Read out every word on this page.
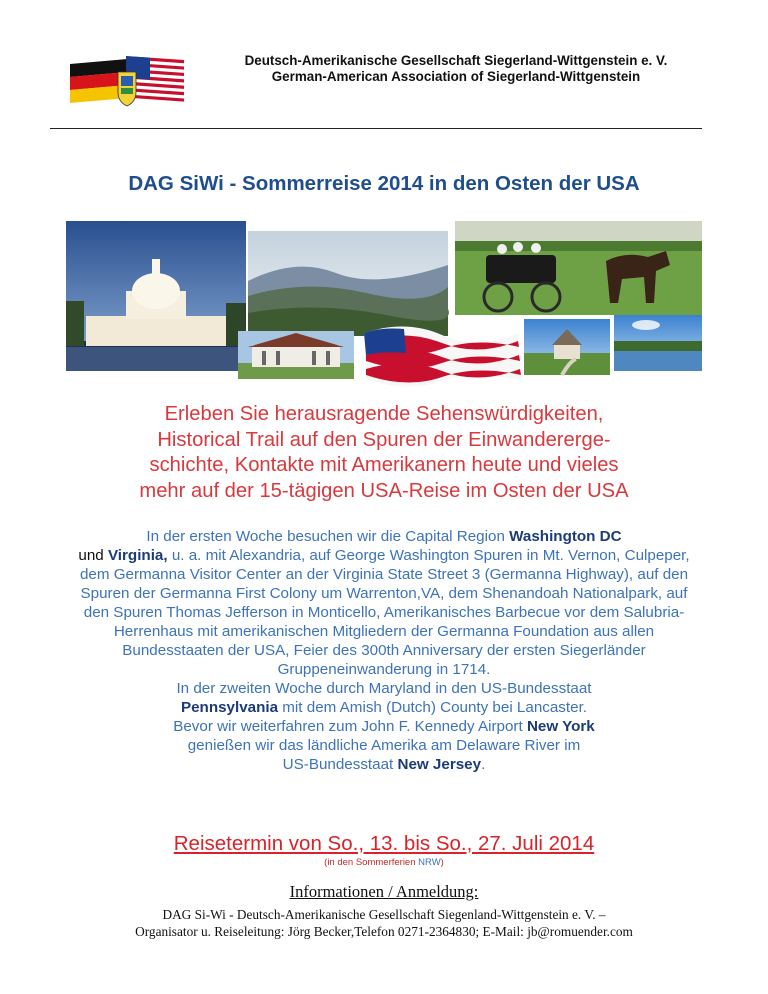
Deutsch-Amerikanische Gesellschaft Siegerland-Wittgenstein e. V.
German-American Association of Siegerland-Wittgenstein
DAG SiWi - Sommerreise 2014 in den Osten der USA
Erleben Sie herausragende Sehenswürdigkeiten,
Historical Trail auf den Spuren der Einwanderergе-
schichte, Kontakte mit Amerikanern heute und vieles
mehr auf der 15-tägigen USA-Reise im Osten der USA
In der ersten Woche besuchen wir die Capital Region Washington DC
und Virginia, u. a. mit Alexandria, auf George Washington Spuren in Mt. Vernon, Culpeper, dem Germanna Visitor Center an der Virginia State Street 3 (Germanna Highway), auf den Spuren der Germanna First Colony um Warrenton,VA, dem Shenandoah Nationalpark, auf den Spuren Thomas Jefferson in Monticello, Amerikanisches Barbecue vor dem Salubria-Herrenhaus mit amerikanischen Mitgliedern der Germanna Foundation aus allen Bundesstaaten der USA, Feier des 300th Anniversary der ersten Siegerländer Gruppeneinwanderung in 1714.
In der zweiten Woche durch Maryland in den US-Bundesstaat
Pennsylvania mit dem Amish (Dutch) County bei Lancaster.
Bevor wir weiterfahren zum John F. Kennedy Airport New York
genießen wir das ländliche Amerika am Delaware River im
US-Bundesstaat New Jersey.
Reisetermin von So., 13. bis So., 27. Juli 2014
(in den Sommerferien NRW)
Informationen / Anmeldung:
DAG Si-Wi - Deutsch-Amerikanische Gesellschaft Siegenland-Wittgenstein e. V. –
Organisator u. Reiseleitung: Jörg Becker,Telefon 0271-2364830; E-Mail: jb@romuender.com
